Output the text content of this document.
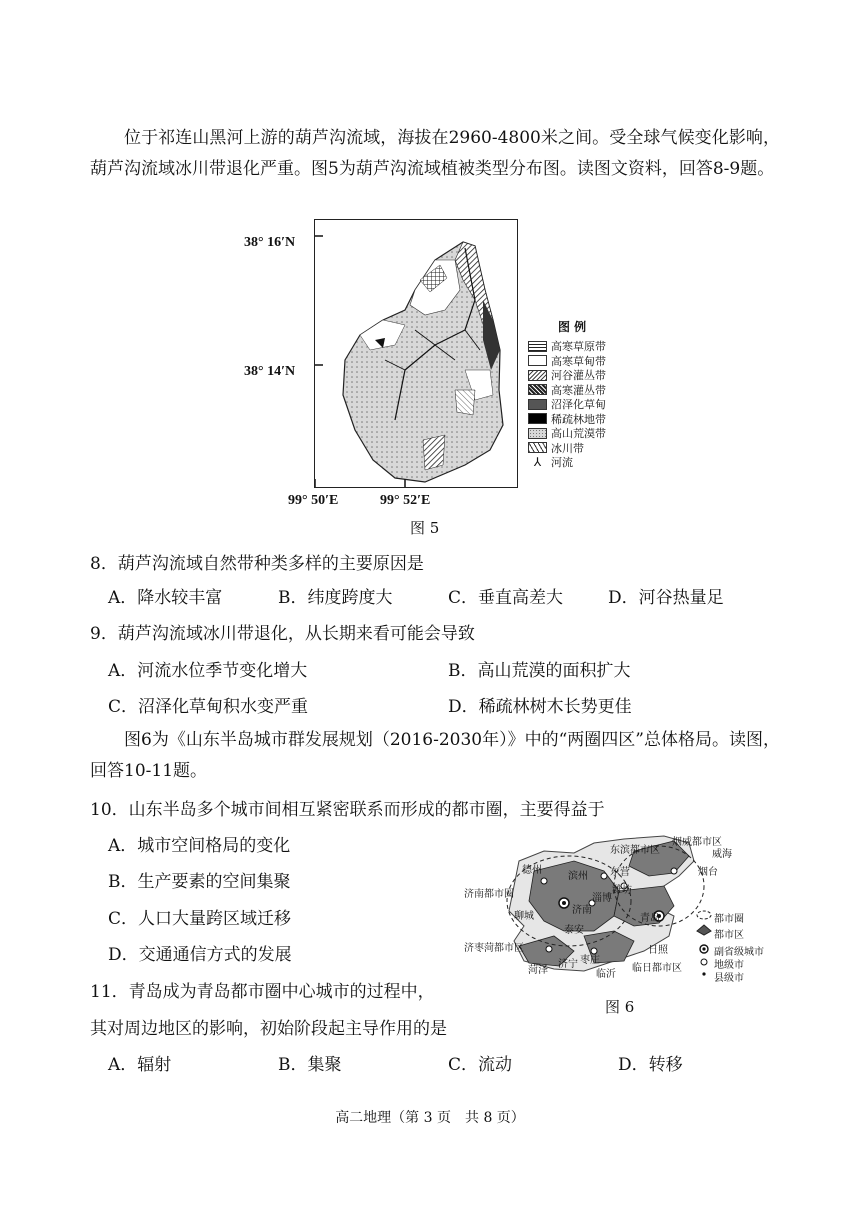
位于祁连山黑河上游的葫芦沟流域，海拔在2960-4800米之间。受全球气候变化影响，葫芦沟流域冰川带退化严重。图5为葫芦沟流域植被类型分布图。读图文资料，回答8-9题。
38° 16′N
38° 14′N
99° 50′E	99° 52′E
图 例
高寒草原带
高寒草甸带
河谷灌丛带
高寒灌丛带
沼泽化草甸
稀疏林地带
高山荒漠带
冰川带
⅄ 河流
图 5
8．葫芦沟流域自然带种类多样的主要原因是
A．降水较丰富	B．纬度跨度大	C．垂直高差大	D．河谷热量足
9．葫芦沟流域冰川带退化，从长期来看可能会导致
A．河流水位季节变化增大	B．高山荒漠的面积扩大
C．沼泽化草甸积水变严重	D．稀疏林树木长势更佳
图6为《山东半岛城市群发展规划（2016-2030年）》中的“两圈四区”总体格局。读图，回答10-11题。
10．山东半岛多个城市间相互紧密联系而形成的都市圈，主要得益于
A．城市空间格局的变化
B．生产要素的空间集聚
C．人口大量跨区域迁移
D．交通通信方式的发展
东滨都市区
烟威都市区
威海
德州
滨州 东营	烟台
潍坊
济南都市圈
济南
淄博
聊城
泰安
青岛
济枣菏都市区
菏泽
济宁 枣庄
临沂
日照
临日都市区
都市圈
都市区
副省级城市
地级市
县级市
图 6
11．青岛成为青岛都市圈中心城市的过程中，
其对周边地区的影响，初始阶段起主导作用的是
A．辐射	B．集聚	C．流动	D．转移
高二地理（第 3 页　共 8 页）
